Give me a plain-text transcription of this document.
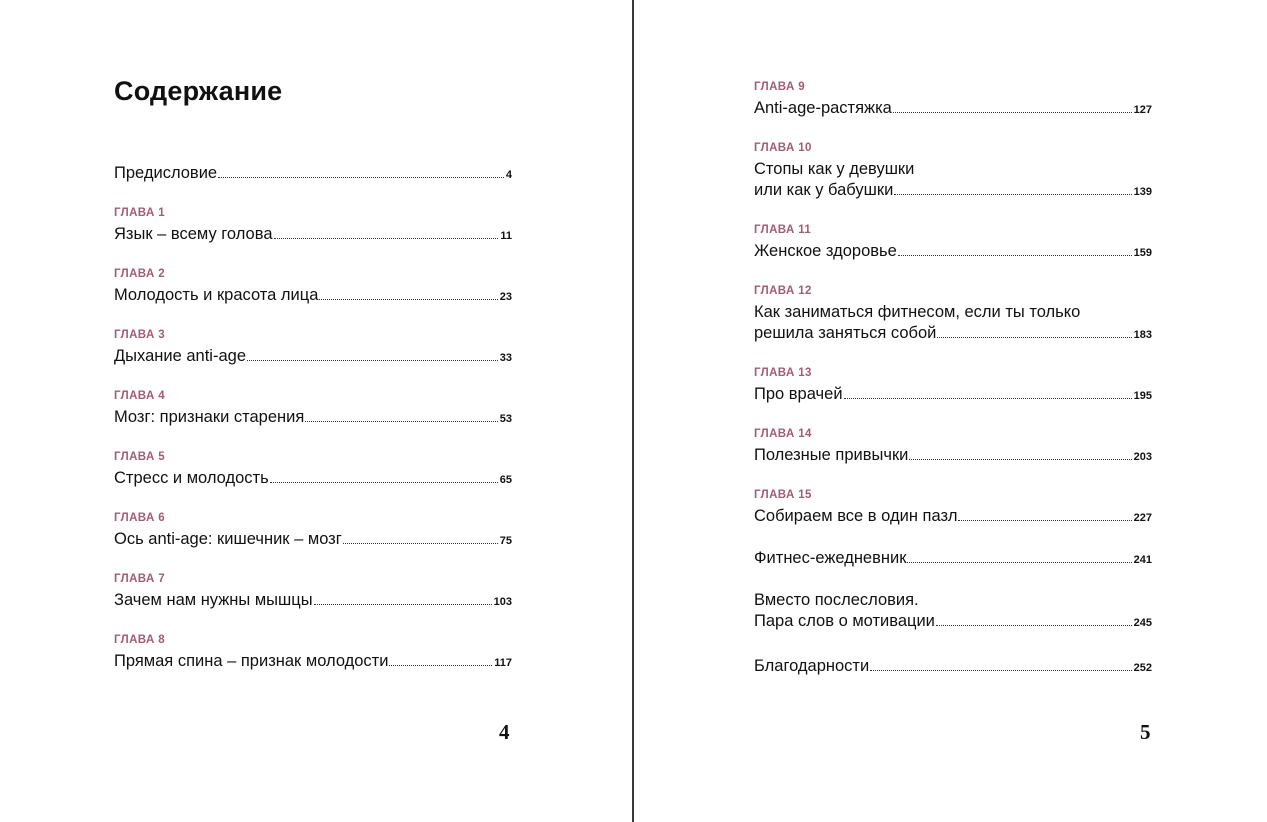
Содержание
Предисловие	4
ГЛАВА 1
Язык – всему голова	11
ГЛАВА 2
Молодость и красота лица	23
ГЛАВА 3
Дыхание anti-age	33
ГЛАВА 4
Мозг: признаки старения	53
ГЛАВА 5
Стресс и молодость	65
ГЛАВА 6
Ось anti-age: кишечник – мозг	75
ГЛАВА 7
Зачем нам нужны мышцы	103
ГЛАВА 8
Прямая спина – признак молодости	117

4

ГЛАВА 9
Anti-age-растяжка	127
ГЛАВА 10
Стопы как у девушки
или как у бабушки	139
ГЛАВА 11
Женское здоровье	159
ГЛАВА 12
Как заниматься фитнесом, если ты только
решила заняться собой	183
ГЛАВА 13
Про врачей	195
ГЛАВА 14
Полезные привычки	203
ГЛАВА 15
Собираем все в один пазл	227
Фитнес-ежедневник	241
Вместо послесловия.
Пара слов о мотивации	245
Благодарности	252

5
